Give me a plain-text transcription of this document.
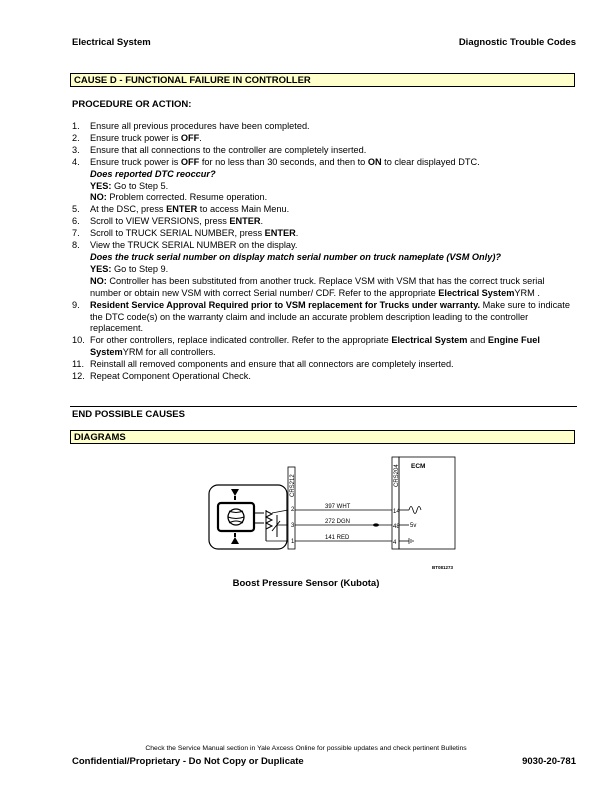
Electrical System	Diagnostic Trouble Codes
CAUSE D - FUNCTIONAL FAILURE IN CONTROLLER
PROCEDURE OR ACTION:
1. Ensure all previous procedures have been completed.
2. Ensure truck power is OFF.
3. Ensure that all connections to the controller are completely inserted.
4. Ensure truck power is OFF for no less than 30 seconds, and then to ON to clear displayed DTC.
Does reported DTC reoccur?
YES: Go to Step 5.
NO: Problem corrected. Resume operation.
5. At the DSC, press ENTER to access Main Menu.
6. Scroll to VIEW VERSIONS, press ENTER.
7. Scroll to TRUCK SERIAL NUMBER, press ENTER.
8. View the TRUCK SERIAL NUMBER on the display.
Does the truck serial number on display match serial number on truck nameplate (VSM Only)?
YES: Go to Step 9.
NO: Controller has been substituted from another truck. Replace VSM with VSM that has the correct truck serial number or obtain new VSM with correct Serial number/ CDF. Refer to the appropriate Electrical SystemYRM .
9. Resident Service Approval Required prior to VSM replacement for Trucks under warranty. Make sure to indicate the DTC code(s) on the warranty claim and include an accurate problem description leading to the controller replacement.
10. For other controllers, replace indicated controller. Refer to the appropriate Electrical System and Engine Fuel SystemYRM for all controllers.
11. Reinstall all removed components and ensure that all connectors are completely inserted.
12. Repeat Component Operational Check.
END POSSIBLE CAUSES
DIAGRAMS
CRS212
2
3
1
397 WHT
272 DGN
141 RED
CRS204
14
48
4
ECM
5v
BT081273
Boost Pressure Sensor (Kubota)
Check the Service Manual section in Yale Axcess Online for possible updates and check pertinent Bulletins
Confidential/Proprietary - Do Not Copy or Duplicate	9030-20-781
